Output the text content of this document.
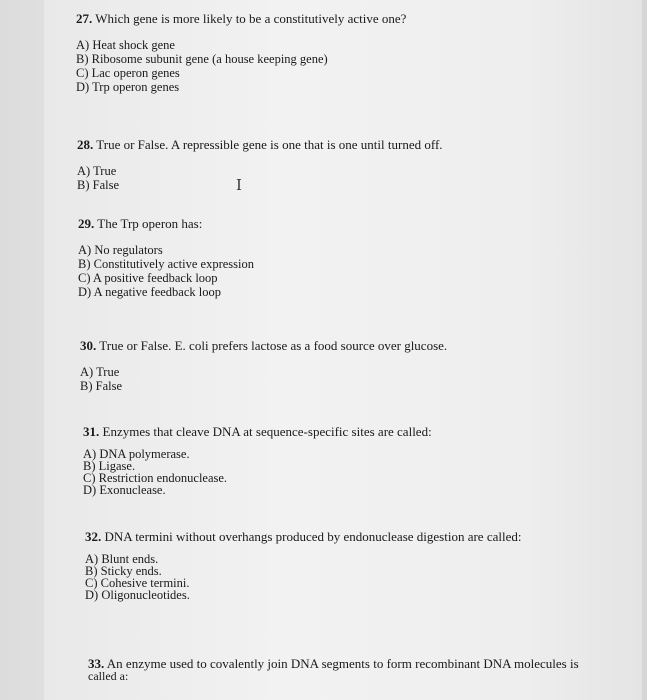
27. Which gene is more likely to be a constitutively active one?
A) Heat shock gene
B) Ribosome subunit gene (a house keeping gene)
C) Lac operon genes
D) Trp operon genes
28. True or False. A repressible gene is one that is one until turned off.
A) True
B) False	I
29. The Trp operon has:
A) No regulators
B) Constitutively active expression
C) A positive feedback loop
D) A negative feedback loop
30. True or False. E. coli prefers lactose as a food source over glucose.
A) True
B) False
31. Enzymes that cleave DNA at sequence-specific sites are called:
A) DNA polymerase.
B) Ligase.
C) Restriction endonuclease.
D) Exonuclease.
32. DNA termini without overhangs produced by endonuclease digestion are called:
A) Blunt ends.
B) Sticky ends.
C) Cohesive termini.
D) Oligonucleotides.
33. An enzyme used to covalently join DNA segments to form recombinant DNA molecules is
called a:
